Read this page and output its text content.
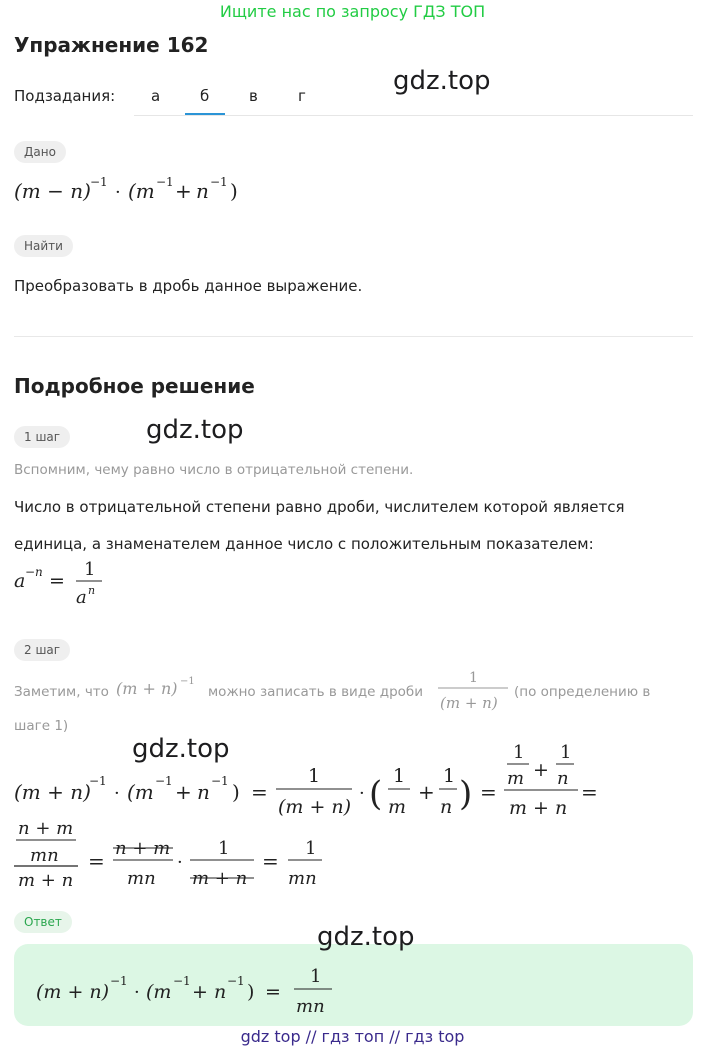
Ищите нас по запросу ГДЗ ТОП
Упражнение 162
Подзадания: а	б	в	г	gdz.top
Дано
(m − n) −1 · (m −1 + n −1 )
Найти
Преобразовать в дробь данное выражение.
Подробное решение
gdz.top
1 шаг
Вспомним, чему равно число в отрицательной степени.
Число в отрицательной степени равно дроби, числителем которой является
единица, а знаменателем данное число с положительным показателем:
a −n =
1
a n
2 шаг
Заметим, что (m + n) −1
можно записать в виде дроби
1
(m + n)
(по определению в
шаге 1)
gdz.top
(m + n)
−1
· (m −1 + n −1 ) =
1
(m + n)
· ( 1
m
+
1
n ) =
1
m +
1
n
m + n
=
n + m
mn
m + n
=
n + m
mn
·
1
m + n
=
1
mn
Ответ	gdz.top
(m + n) −1
· (m −1 + n −1 ) =
1
mn
gdz top // гдз топ // гдз top
